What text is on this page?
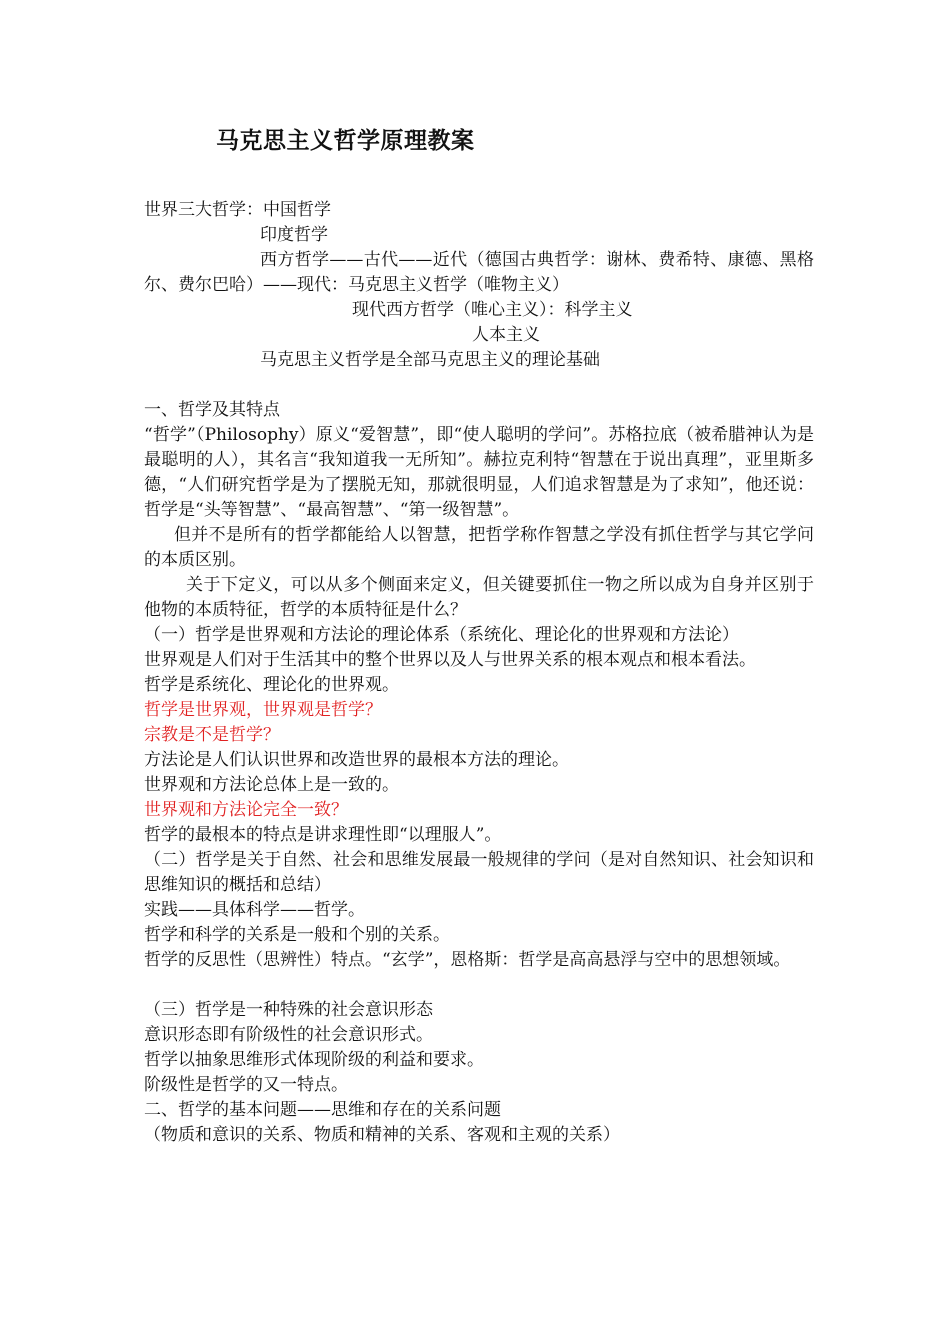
马克思主义哲学原理教案

世界三大哲学：中国哲学

印度哲学

西方哲学——古代——近代（德国古典哲学：谢林、费希特、康德、黑格尔、费尔巴哈）——现代：马克思主义哲学（唯物主义）

现代西方哲学（唯心主义）：科学主义

人本主义

马克思主义哲学是全部马克思主义的理论基础

一、哲学及其特点

“哲学”（Philosophy）原义“爱智慧”，即“使人聪明的学问”。苏格拉底（被希腊神认为是最聪明的人），其名言“我知道我一无所知”。赫拉克利特“智慧在于说出真理”，亚里斯多德，“人们研究哲学是为了摆脱无知，那就很明显，人们追求智慧是为了求知”，他还说：哲学是“头等智慧”、“最高智慧”、“第一级智慧”。

但并不是所有的哲学都能给人以智慧，把哲学称作智慧之学没有抓住哲学与其它学问的本质区别。

关于下定义，可以从多个侧面来定义，但关键要抓住一物之所以成为自身并区别于他物的本质特征，哲学的本质特征是什么？

（一）哲学是世界观和方法论的理论体系（系统化、理论化的世界观和方法论）

世界观是人们对于生活其中的整个世界以及人与世界关系的根本观点和根本看法。

哲学是系统化、理论化的世界观。

哲学是世界观，世界观是哲学？

宗教是不是哲学？

方法论是人们认识世界和改造世界的最根本方法的理论。

世界观和方法论总体上是一致的。

世界观和方法论完全一致？

哲学的最根本的特点是讲求理性即“以理服人”。

（二）哲学是关于自然、社会和思维发展最一般规律的学问（是对自然知识、社会知识和思维知识的概括和总结）

实践——具体科学——哲学。

哲学和科学的关系是一般和个别的关系。

哲学的反思性（思辨性）特点。“玄学”，恩格斯：哲学是高高悬浮与空中的思想领域。

（三）哲学是一种特殊的社会意识形态

意识形态即有阶级性的社会意识形式。

哲学以抽象思维形式体现阶级的利益和要求。

阶级性是哲学的又一特点。

二、哲学的基本问题——思维和存在的关系问题

（物质和意识的关系、物质和精神的关系、客观和主观的关系）
